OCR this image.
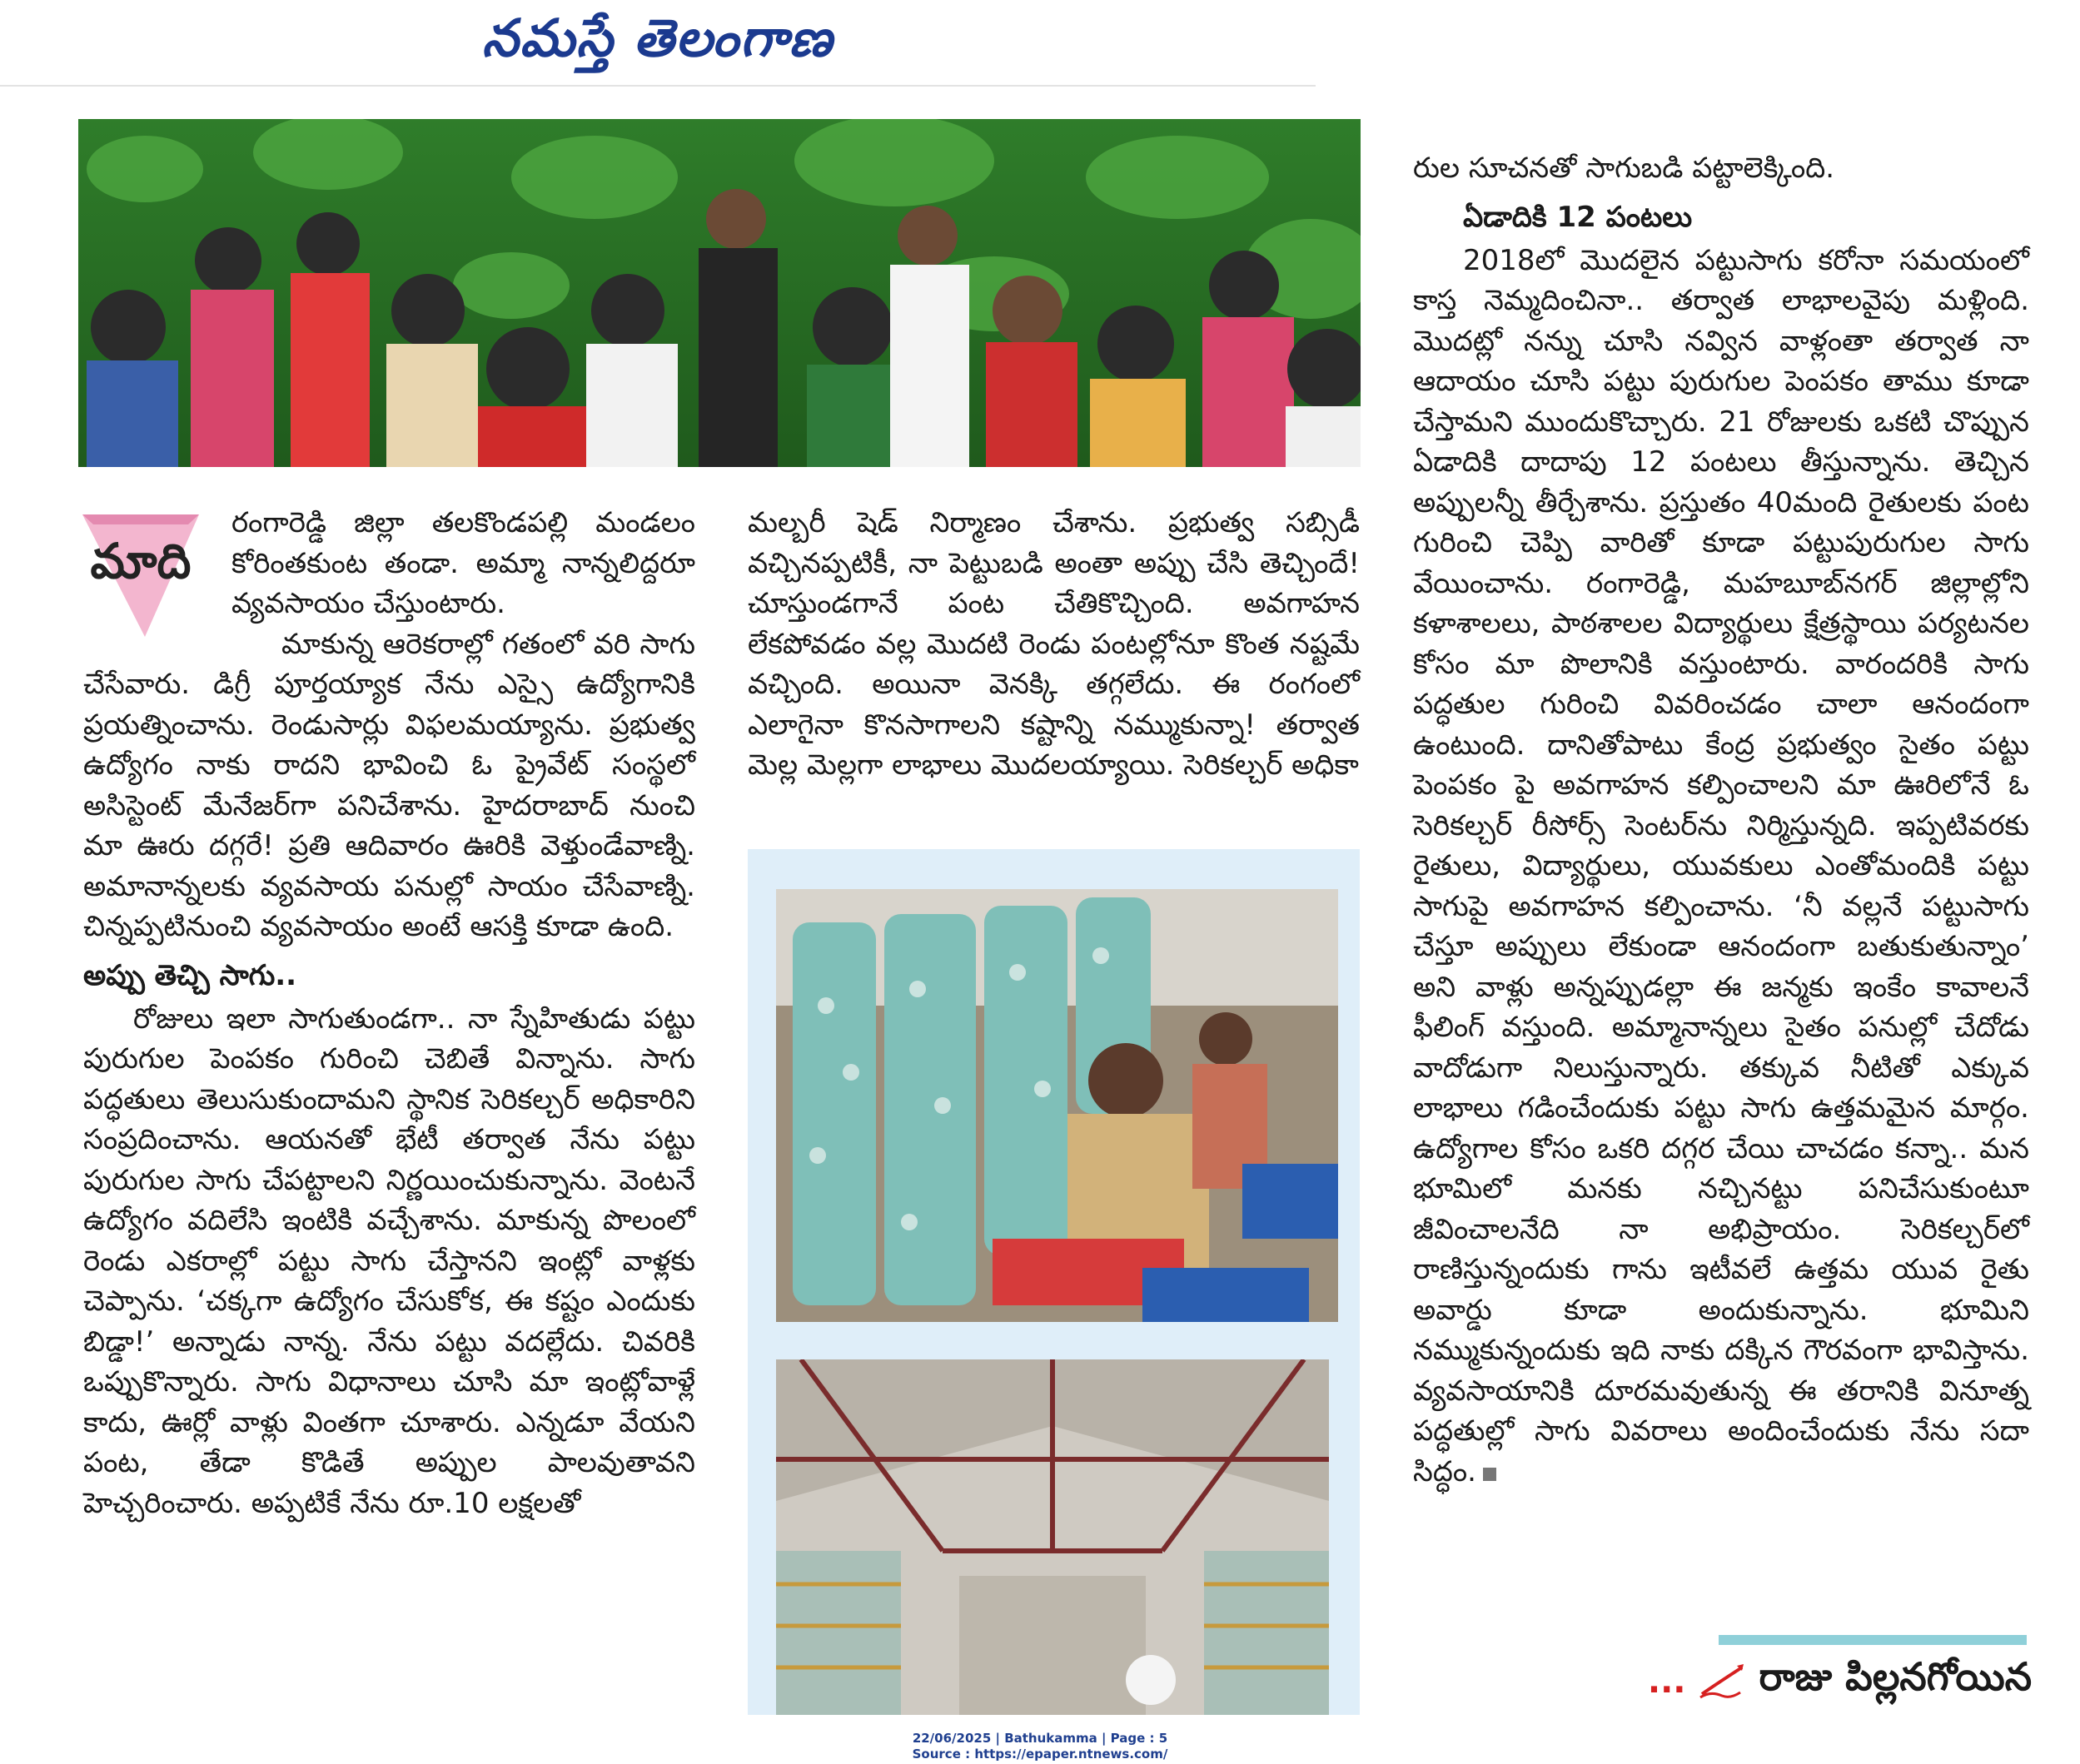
నమస్తే తెలంగాణ
మాది

రంగారెడ్డి జిల్లా తలకొండపల్లి మండలం కోరింతకుంట తండా. అమ్మా నాన్నలిద్దరూ వ్యవసాయం చేస్తుంటారు.

మాకున్న ఆరెకరాల్లో గతంలో వరి సాగు చేసేవారు. డిగ్రీ పూర్తయ్యాక నేను ఎస్సై ఉద్యోగానికి ప్రయత్నించాను. రెండుసార్లు విఫలమయ్యాను. ప్రభుత్వ ఉద్యోగం నాకు రాదని భావించి ఓ ప్రైవేట్ సంస్థలో అసిస్టెంట్ మేనేజర్‌గా పనిచేశాను. హైదరాబాద్ నుంచి మా ఊరు దగ్గరే! ప్రతి ఆదివారం ఊరికి వెళ్తుండేవాణ్ని. అమానాన్నలకు వ్యవసాయ పనుల్లో సాయం చేసేవాణ్ని. చిన్నప్పటినుంచి వ్యవసాయం అంటే ఆసక్తి కూడా ఉంది.

అప్పు తెచ్చి సాగు..

రోజులు ఇలా సాగుతుండగా.. నా స్నేహితుడు పట్టు పురుగుల పెంపకం గురించి చెబితే విన్నాను. సాగు పద్ధతులు తెలుసుకుందామని స్థానిక సెరికల్చర్ అధికారిని సంప్రదించాను. ఆయనతో భేటీ తర్వాత నేను పట్టు పురుగుల సాగు చేపట్టాలని నిర్ణయించుకున్నాను. వెంటనే ఉద్యోగం వదిలేసి ఇంటికి వచ్చేశాను. మాకున్న పొలంలో రెండు ఎకరాల్లో పట్టు సాగు చేస్తానని ఇంట్లో వాళ్లకు చెప్పాను. ‘చక్కగా ఉద్యోగం చేసుకోక, ఈ కష్టం ఎందుకు బిడ్డా!’ అన్నాడు నాన్న. నేను పట్టు వదల్లేదు. చివరికి ఒప్పుకొన్నారు. సాగు విధానాలు చూసి మా ఇంట్లోవాళ్లే కాదు, ఊర్లో వాళ్లు వింతగా చూశారు. ఎన్నడూ వేయని పంట, తేడా కొడితే అప్పుల పాలవుతావని హెచ్చరించారు. అప్పటికే నేను రూ.10 లక్షలతో

మల్బరీ షెడ్ నిర్మాణం చేశాను. ప్రభుత్వ సబ్సిడీ వచ్చినప్పటికీ, నా పెట్టుబడి అంతా అప్పు చేసి తెచ్చిందే! చూస్తుండగానే పంట చేతికొచ్చింది. అవగాహన లేకపోవడం వల్ల మొదటి రెండు పంటల్లోనూ కొంత నష్టమే వచ్చింది. అయినా వెనక్కి తగ్గలేదు. ఈ రంగంలో ఎలాగైనా కొనసాగాలని కష్టాన్ని నమ్ముకున్నా! తర్వాత మెల్ల మెల్లగా లాభాలు మొదలయ్యాయి. సెరికల్చర్ అధికా

రుల సూచనతో సాగుబడి పట్టాలెక్కింది.

ఏడాదికి 12 పంటలు

2018లో మొదలైన పట్టుసాగు కరోనా సమయంలో కాస్త నెమ్మదించినా.. తర్వాత లాభాలవైపు మళ్లింది. మొదట్లో నన్ను చూసి నవ్విన వాళ్లంతా తర్వాత నా ఆదాయం చూసి పట్టు పురుగుల పెంపకం తాము కూడా చేస్తామని ముందుకొచ్చారు. 21 రోజులకు ఒకటి చొప్పున ఏడాదికి దాదాపు 12 పంటలు తీస్తున్నాను. తెచ్చిన అప్పులన్నీ తీర్చేశాను. ప్రస్తుతం 40మంది రైతులకు పంట గురించి చెప్పి వారితో కూడా పట్టుపురుగుల సాగు వేయించాను. రంగారెడ్డి, మహబూబ్‌నగర్ జిల్లాల్లోని కళాశాలలు, పాఠశాలల విద్యార్థులు క్షేత్రస్థాయి పర్యటనల కోసం మా పొలానికి వస్తుంటారు. వారందరికి సాగు పద్ధతుల గురించి వివరించడం చాలా ఆనందంగా ఉంటుంది. దానితోపాటు కేంద్ర ప్రభుత్వం సైతం పట్టు పెంపకం పై అవగాహన కల్పించాలని మా ఊరిలోనే ఓ సెరికల్చర్ రీసోర్స్ సెంటర్‌ను నిర్మిస్తున్నది. ఇప్పటివరకు రైతులు, విద్యార్థులు, యువకులు ఎంతోమందికి పట్టు సాగుపై అవగాహన కల్పించాను. ‘నీ వల్లనే పట్టుసాగు చేస్తూ అప్పులు లేకుండా ఆనందంగా బతుకుతున్నాం’ అని వాళ్లు అన్నప్పుడల్లా ఈ జన్మకు ఇంకేం కావాలనే ఫీలింగ్ వస్తుంది. అమ్మానాన్నలు సైతం పనుల్లో చేదోడు వాదోడుగా నిలుస్తున్నారు. తక్కువ నీటితో ఎక్కువ లాభాలు గడించేందుకు పట్టు సాగు ఉత్తమమైన మార్గం. ఉద్యోగాల కోసం ఒకరి దగ్గర చేయి చాచడం కన్నా.. మన భూమిలో మనకు నచ్చినట్టు పనిచేసుకుంటూ జీవించాలనేది నా అభిప్రాయం. సెరికల్చర్‌లో రాణిస్తున్నందుకు గాను ఇటీవలే ఉత్తమ యువ రైతు అవార్డు కూడా అందుకున్నాను. భూమిని నమ్ముకున్నందుకు ఇది నాకు దక్కిన గౌరవంగా భావిస్తాను. వ్యవసాయానికి దూరమవుతున్న ఈ తరానికి వినూత్న పద్ధతుల్లో సాగు వివరాలు అందించేందుకు నేను సదా సిద్ధం.

... రాజు పిల్లనగోయిన
22/06/2025 | Bathukamma | Page : 5
Source : https://epaper.ntnews.com/
